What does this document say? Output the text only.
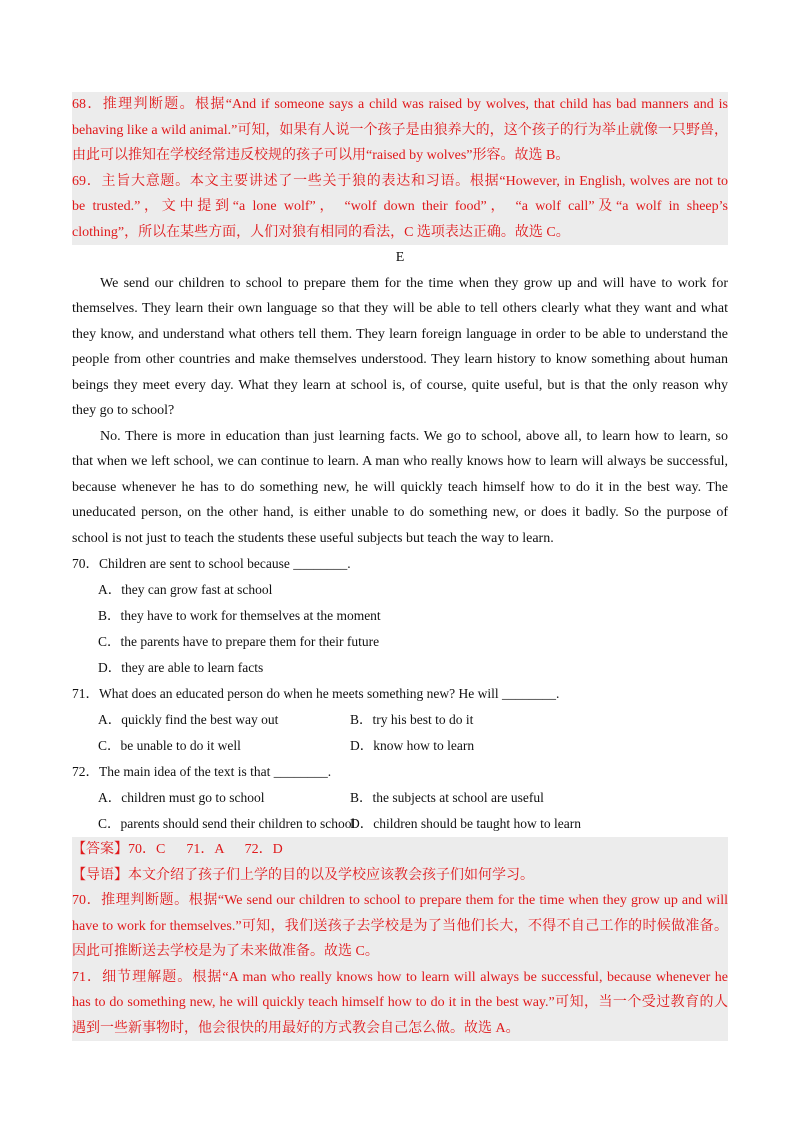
68．推理判断题。根据“And if someone says a child was raised by wolves, that child has bad manners and is
behaving like a wild animal.”可知，如果有人说一个孩子是由狼养大的，这个孩子的行为举止就像一只野兽，
由此可以推知在学校经常违反校规的孩子可以用“raised by wolves”形容。故选 B。
69．主旨大意题。本文主要讲述了一些关于狼的表达和习语。根据“However, in English, wolves are not to
be trusted.”，文中提到“a lone wolf”， “wolf down their food”， “a wolf call”及“a wolf in sheep’s
clothing”，所以在某些方面，人们对狼有相同的看法，C 选项表达正确。故选 C。
E
We send our children to school to prepare them for the time when they grow up and will have to work for
themselves. They learn their own language so that they will be able to tell others clearly what they want and what
they know, and understand what others tell them. They learn foreign language in order to be able to understand the
people from other countries and make themselves understood. They learn history to know something about human
beings they meet every day. What they learn at school is, of course, quite useful, but is that the only reason why
they go to school?
No. There is more in education than just learning facts. We go to school, above all, to learn how to learn, so
that when we left school, we can continue to learn. A man who really knows how to learn will always be successful,
because whenever he has to do something new, he will quickly teach himself how to do it in the best way. The
uneducated person, on the other hand, is either unable to do something new, or does it badly. So the purpose of
school is not just to teach the students these useful subjects but teach the way to learn.
70．Children are sent to school because ________.
A．they can grow fast at school
B．they have to work for themselves at the moment
C．the parents have to prepare them for their future
D．they are able to learn facts
71．What does an educated person do when he meets something new? He will ________.
A．quickly find the best way out	B．try his best to do it
C．be unable to do it well	D．know how to learn
72．The main idea of the text is that ________.
A．children must go to school	B．the subjects at school are useful
C．parents should send their children to school
D．children should be taught how to learn
【答案】70．C      71．A      72．D
【导语】本文介绍了孩子们上学的目的以及学校应该教会孩子们如何学习。
70．推理判断题。根据“We send our children to school to prepare them for the time when they grow up and will
have to work for themselves.”可知，我们送孩子去学校是为了当他们长大，不得不自己工作的时候做准备。
因此可推断送去学校是为了未来做准备。故选 C。
71．细节理解题。根据“A man who really knows how to learn will always be successful, because whenever he
has to do something new, he will quickly teach himself how to do it in the best way.”可知，当一个受过教育的人
遇到一些新事物时，他会很快的用最好的方式教会自己怎么做。故选 A。
